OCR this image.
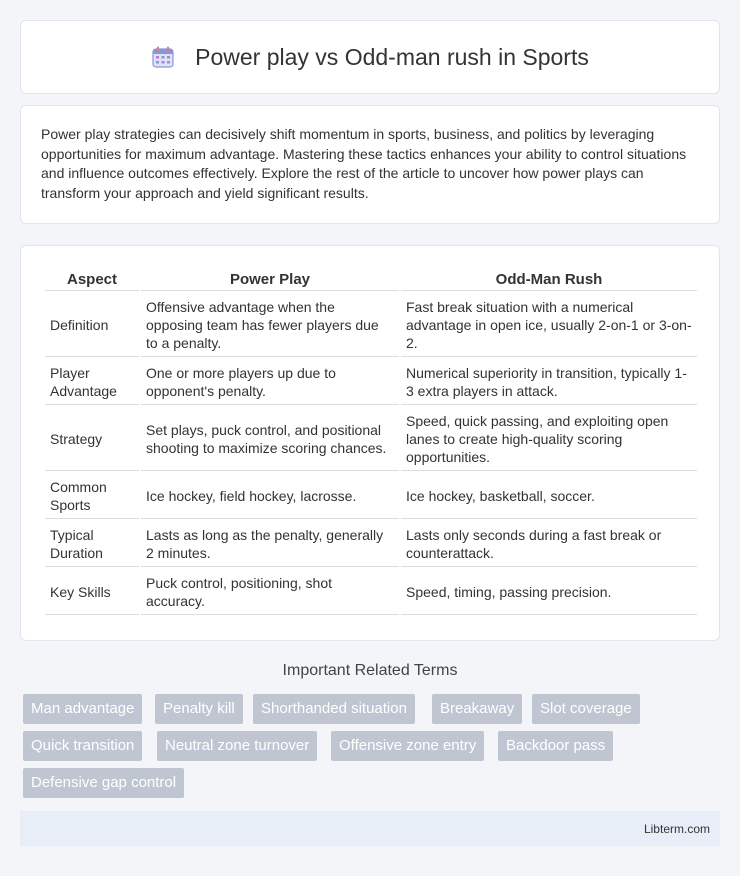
Power play vs Odd-man rush in Sports

Power play strategies can decisively shift momentum in sports, business, and politics by leveraging opportunities for maximum advantage. Mastering these tactics enhances your ability to control situations and influence outcomes effectively. Explore the rest of the article to uncover how power plays can transform your approach and yield significant results.

Aspect	Power Play	Odd-Man Rush
Definition	Offensive advantage when the opposing team has fewer players due to a penalty.	Fast break situation with a numerical advantage in open ice, usually 2-on-1 or 3-on-2.
Player Advantage	One or more players up due to opponent's penalty.	Numerical superiority in transition, typically 1-3 extra players in attack.
Strategy	Set plays, puck control, and positional shooting to maximize scoring chances.	Speed, quick passing, and exploiting open lanes to create high-quality scoring opportunities.
Common Sports	Ice hockey, field hockey, lacrosse.	Ice hockey, basketball, soccer.
Typical Duration	Lasts as long as the penalty, generally 2 minutes.	Lasts only seconds during a fast break or counterattack.
Key Skills	Puck control, positioning, shot accuracy.	Speed, timing, passing precision.
Important Related Terms
Man advantage	Penalty kill	Shorthanded situation	Breakaway	Slot coverage
Quick transition	Neutral zone turnover	Offensive zone entry	Backdoor pass
Defensive gap control
Libterm.com
